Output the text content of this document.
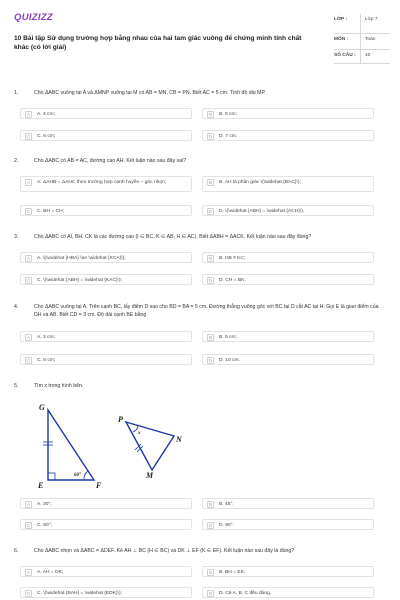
QUIZIZZ
10 Bài tập Sử dụng trường hợp bằng nhau của hai tam giác vuông để chứng minh tính chất khác (có lời giải)
LỚP :	Lớp 7
MÔN :	Toán
SỐ CÂU :	10
1.	Cho ΔABC vuông tại A và ΔMNP vuông tại M có AB = MN, CB = PN. Biết AC = 5 cm. Tính độ dài MP.
A	A. 4 cm;	B	B. 5 cm;
C	C. 6 cm;	D	D. 7 cm.
2.	Cho ΔABC có AB = AC, đường cao AH. Kết luận nào sau đây sai?
A	A. ΔAHB = ΔAHC theo trường hợp cạnh huyền – góc nhọn;	B	B. AH là phân giác \(\widehat {BAC}\);
C	C. BH = CH;	D	D. \(\widehat {ABH} = \widehat {ACH}\).
3.	Cho ΔABC có AI, BH, CK là các đường cao (I ∈ BC, K ∈ AB, H ∈ AC). Biết ΔABH = ΔACK. Kết luận nào sau đây đúng?
A	A. \(\widehat {HBA} \ne \widehat {KCA}\);	B	B. HB ≠ KC;
C	C. \(\widehat {ABH} = \widehat {KAC}\);	D	D. CH = BK.
4.	Cho ΔABC vuông tại A. Trên cạnh BC, lấy điểm D sao cho BD = BA = 5 cm. Đường thẳng vuông góc với BC tại D cắt AC tại H. Gọi E là giao điểm của DH và AB. Biết CD = 3 cm. Độ dài cạnh BE bằng
A	A. 3 cm;	B	B. 5 cm;
C	C. 8 cm;	D	D. 10 cm.
5.	Tìm x trong hình bên.
G
E	F
60°
P
N
M
x
A	A. 30°;	B	B. 45°;
C	C. 60°;	D	D. 90°.
6.	Cho ΔABC nhọn và ΔABC = ΔDEF. Kẻ AH ⊥ BC (H ∈ BC) và DK ⊥ EF (K ∈ EF). Kết luận nào sau đây là đúng?
A	A. AH = DK;	B	B. BH = EK;
C	C. \(\widehat {BAH} = \widehat {EDK}\);	D	D. Cả A, B, C đều đúng.
